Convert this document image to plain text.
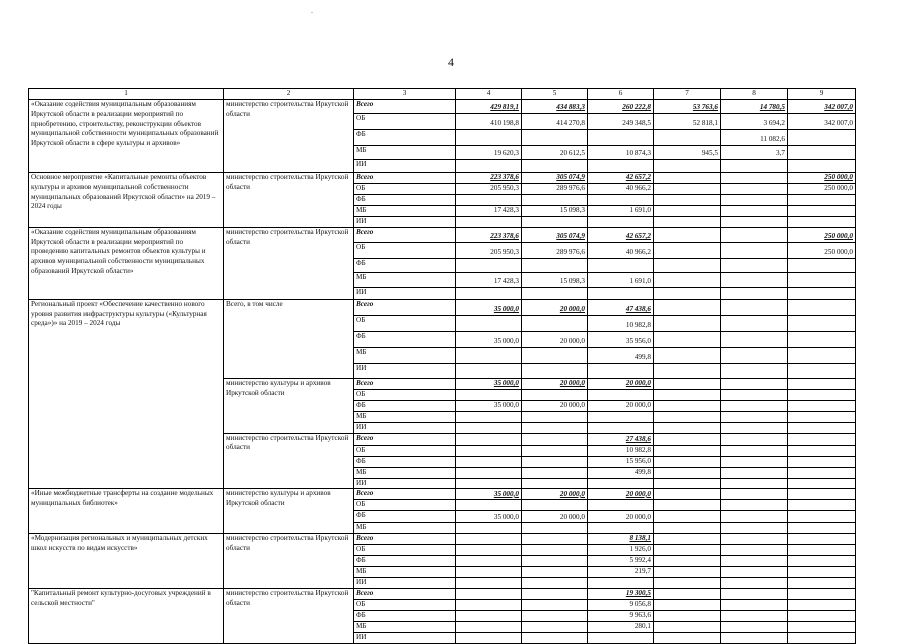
.
4
1	2	3	4	5	6	7	8	9
«Оказание содействия муниципальным образованиям Иркутской области в реализации мероприятий по приобретению, строительству, реконструкции объектов муниципальной собственности муниципальных образований Иркутской области в сфере культуры и архивов»	министерство строительства Иркутской области	Всего	429 819,1	434 883,3	260 222,8	53 763,6	14 780,5	342 007,0
		ОБ	410 198,8	414 270,8	249 348,5	52 818,1	3 694,2	342 007,0
		ФБ					11 082,6	
		МБ	19 620,3	20 612,5	10 874,3	945,5	3,7	
		ИИ						
Основное мероприятие «Капитальные ремонты объектов культуры и архивов муниципальной собственности муниципальных образований Иркутской области» на 2019 – 2024 годы	министерство строительства Иркутской области	Всего	223 378,6	305 074,9	42 657,2			250 000,0
		ОБ	205 950,3	289 976,6	40 966,2			250 000,0
		ФБ						
		МБ	17 428,3	15 098,3	1 691,0			
		ИИ						
«Оказание содействия муниципальным образованиям Иркутской области в реализации мероприятий по проведению капитальных ремонтов объектов культуры и архивов муниципальной собственности муниципальных образований Иркутской области»	министерство строительства Иркутской области	Всего	223 378,6	305 074,9	42 657,2			250 000,0
		ОБ	205 950,3	289 976,6	40 966,2			250 000,0
		ФБ						
		МБ	17 428,3	15 098,3	1 691,0			
		ИИ						
Региональный проект «Обеспечение качественно нового уровня развития инфраструктуры культуры («Культурная среда»)» на 2019 – 2024 годы	Всего, в том числе	Всего	35 000,0	20 000,0	47 438,6			
		ОБ			10 982,8			
		ФБ	35 000,0	20 000,0	35 956,0			
		МБ			499,8			
		ИИ						
	министерство культуры и архивов Иркутской области	Всего	35 000,0	20 000,0	20 000,0			
		ОБ						
		ФБ	35 000,0	20 000,0	20 000,0			
		МБ						
		ИИ						
	министерство строительства Иркутской области	Всего			27 438,6			
		ОБ			10 982,8			
		ФБ			15 956,0			
		МБ			499,8			
		ИИ						
«Иные межбюджетные трансферты на создание модельных муниципальных библиотек»	министерство культуры и архивов Иркутской области	Всего	35 000,0	20 000,0	20 000,0			
		ОБ						
		ФБ	35 000,0	20 000,0	20 000,0			
		МБ						
«Модернизация региональных и муниципальных детских школ искусств по видам искусств»	министерство строительства Иркутской области	Всего			8 138,1			
		ОБ			1 926,0			
		ФБ			5 992,4			
		МБ			219,7			
		ИИ						
"Капитальный ремонт культурно-досуговых учреждений в сельской местности"	министерство строительства Иркутской области	Всего			19 300,5			
		ОБ			9 056,8			
		ФБ			9 963,6			
		МБ			280,1			
		ИИ						
